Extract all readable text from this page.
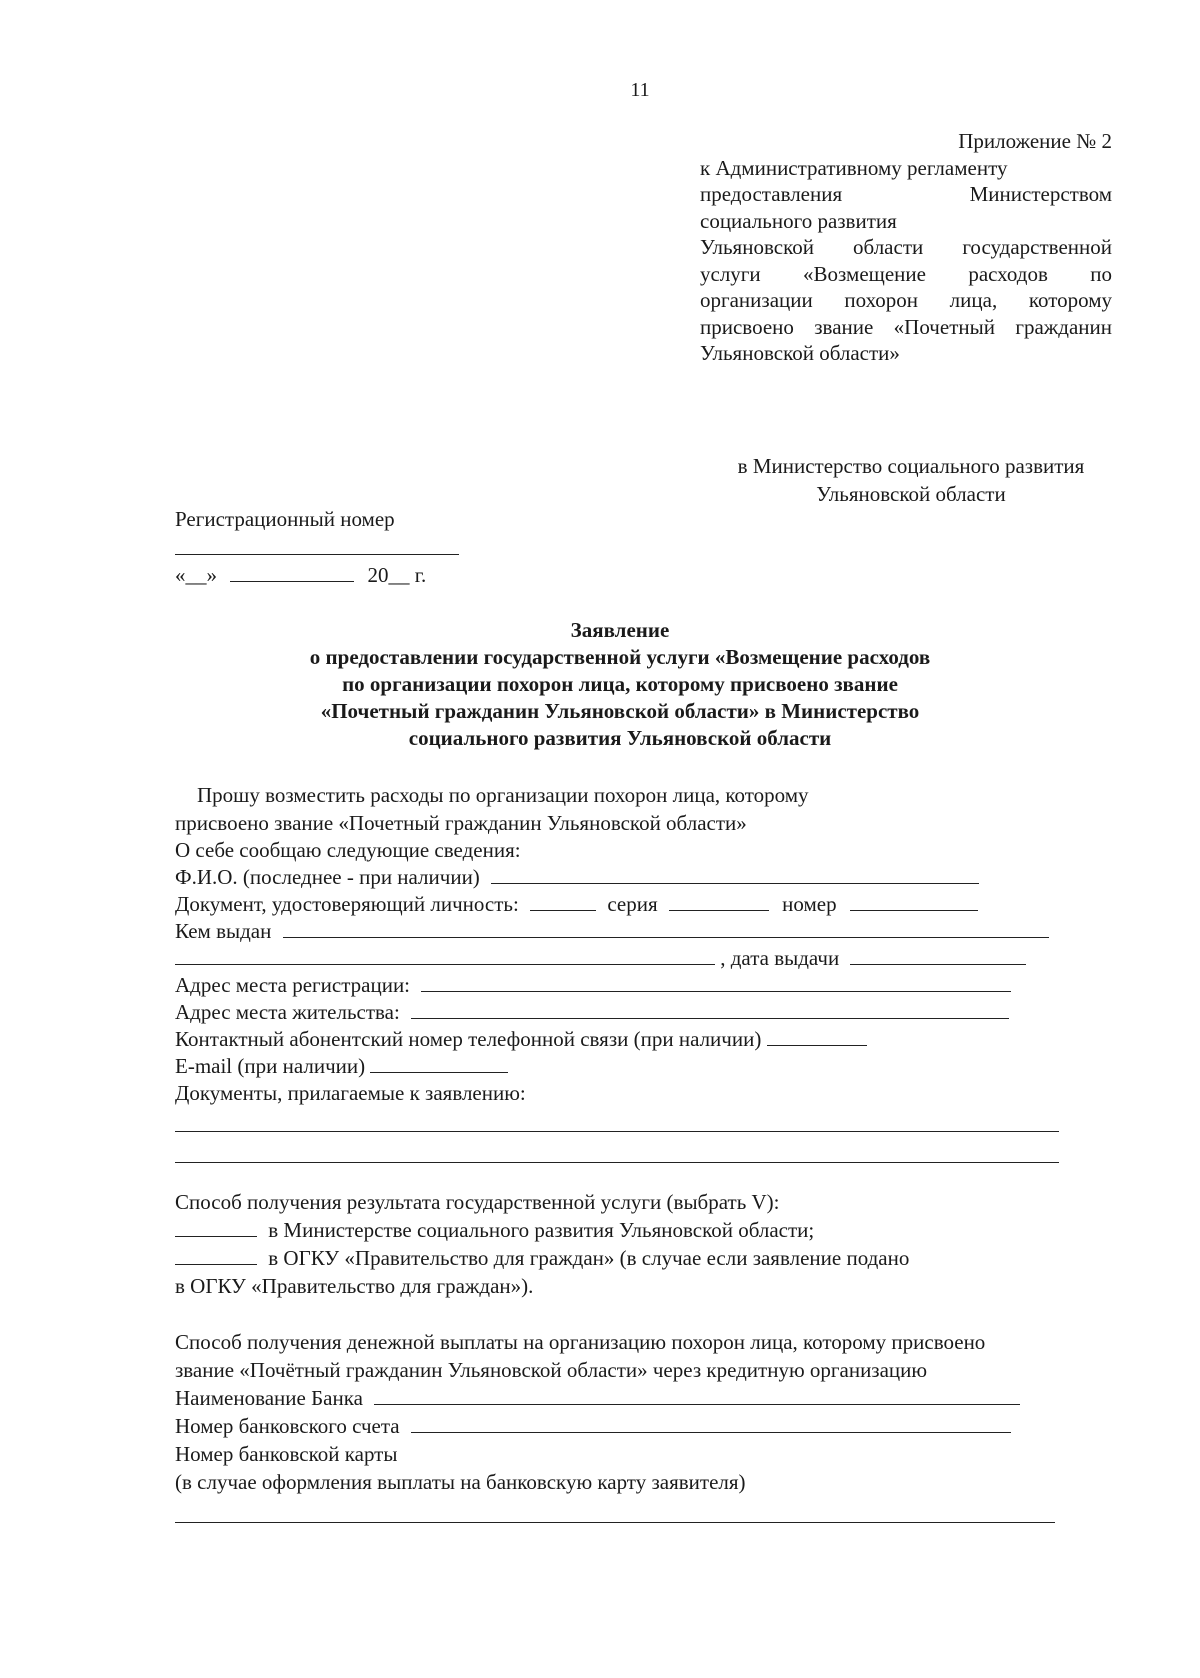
11
Приложение № 2
к Административному регламенту
предоставления Министерством
социального развития
Ульяновской области государственной
услуги «Возмещение расходов по
организации похорон лица, которому
присвоено звание «Почетный гражданин
Ульяновской области»
в Министерство социального развития
Ульяновской области
Регистрационный номер
«__»	20__ г.
Заявление
о предоставлении государственной услуги «Возмещение расходов
по организации похорон лица, которому присвоено звание
«Почетный гражданин Ульяновской области» в Министерство
социального развития Ульяновской области
Прошу возместить расходы по организации похорон лица, которому
присвоено звание «Почетный гражданин Ульяновской области»
О себе сообщаю следующие сведения:
Ф.И.О. (последнее - при наличии)
Документ, удостоверяющий личность:	серия	номер
Кем выдан
, дата выдачи
Адрес места регистрации:
Адрес места жительства:
Контактный абонентский номер телефонной связи (при наличии)
E-mail (при наличии)
Документы, прилагаемые к заявлению:
Способ получения результата государственной услуги (выбрать V):
в Министерстве социального развития Ульяновской области;
в ОГКУ «Правительство для граждан» (в случае если заявление подано
в ОГКУ «Правительство для граждан»).
Способ получения денежной выплаты на организацию похорон лица, которому присвоено
звание «Почётный гражданин Ульяновской области» через кредитную организацию
Наименование Банка
Номер банковского счета
Номер банковской карты
(в случае оформления выплаты на банковскую карту заявителя)
